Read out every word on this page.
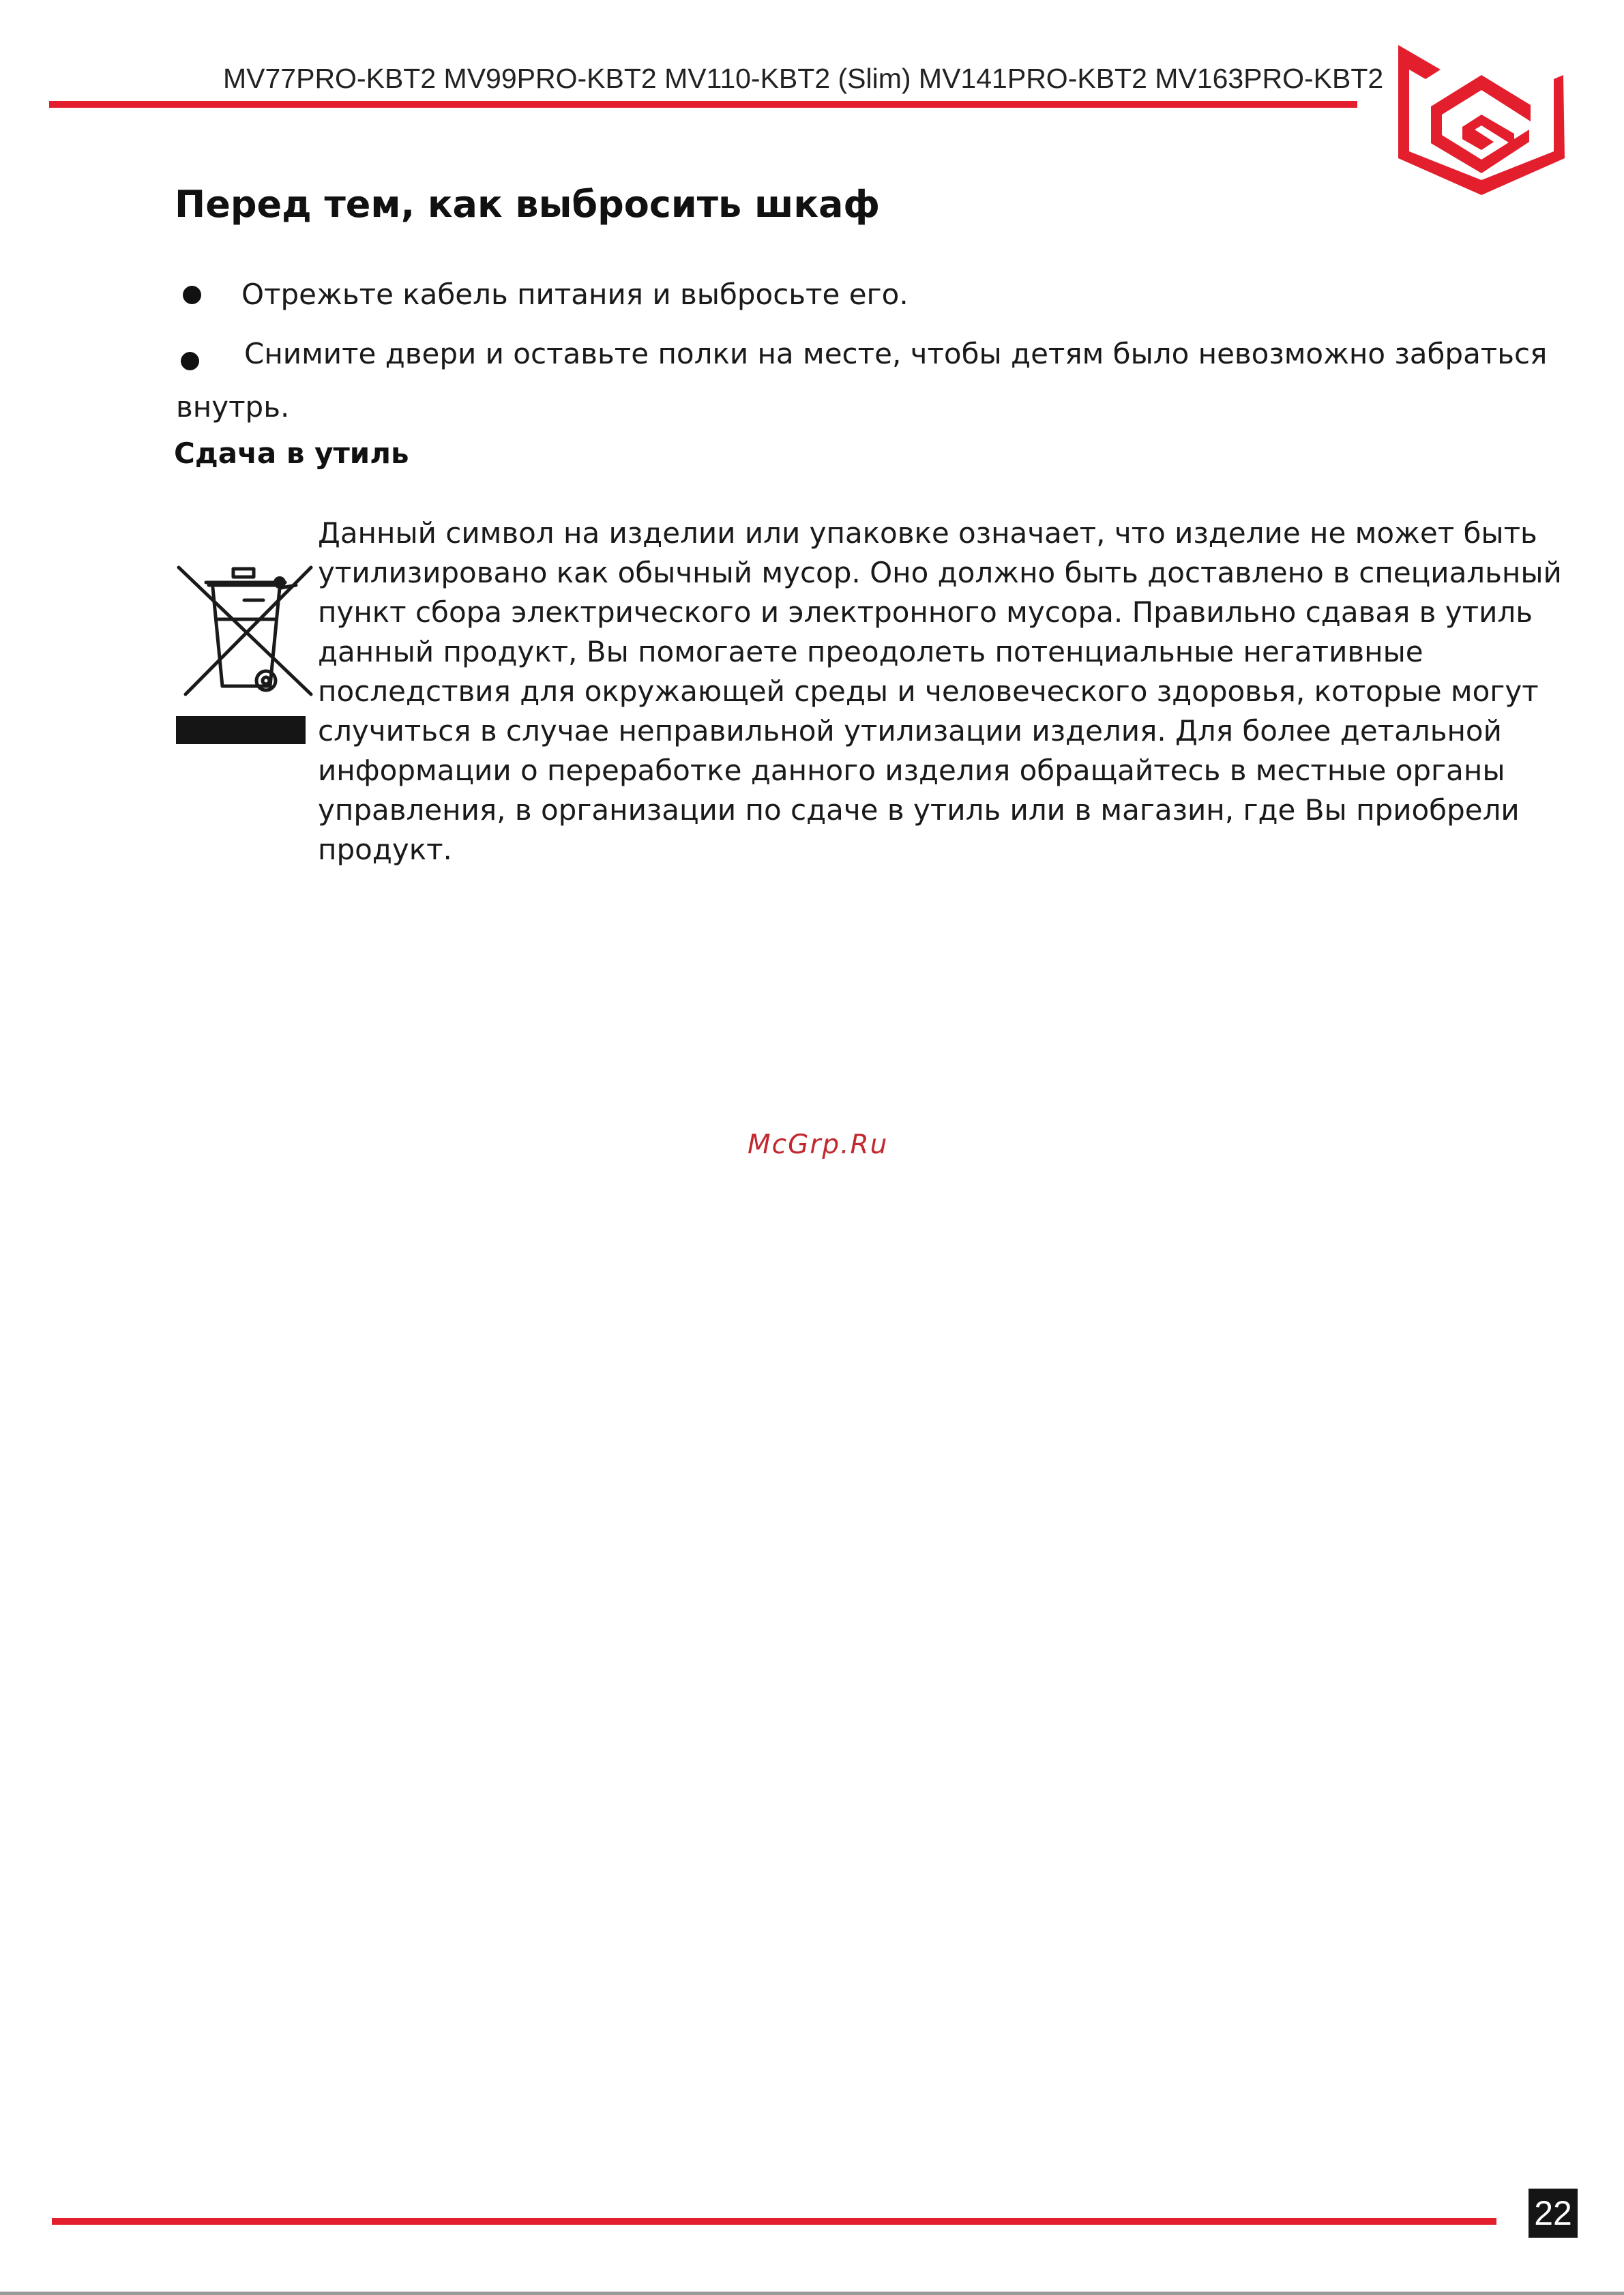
MV77PRO-KBT2 MV99PRO-KBT2 MV110-KBT2 (Slim) MV141PRO-KBT2 MV163PRO-KBT2
Перед тем, как выбросить шкаф
Отрежьте кабель питания и выбросьте его.
Снимите двери и оставьте полки на месте, чтобы детям было невозможно забраться
внутрь.
Сдача в утиль
Данный символ на изделии или упаковке означает, что изделие не может быть
утилизировано как обычный мусор. Оно должно быть доставлено в специальный
пункт сбора электрического и электронного мусора. Правильно сдавая в утиль
данный продукт, Вы помогаете преодолеть потенциальные негативные
последствия для окружающей среды и человеческого здоровья, которые могут
случиться в случае неправильной утилизации изделия. Для более детальной
информации о переработке данного изделия обращайтесь в местные органы
управления, в организации по сдаче в утиль или в магазин, где Вы приобрели
продукт.
McGrp.Ru
22
